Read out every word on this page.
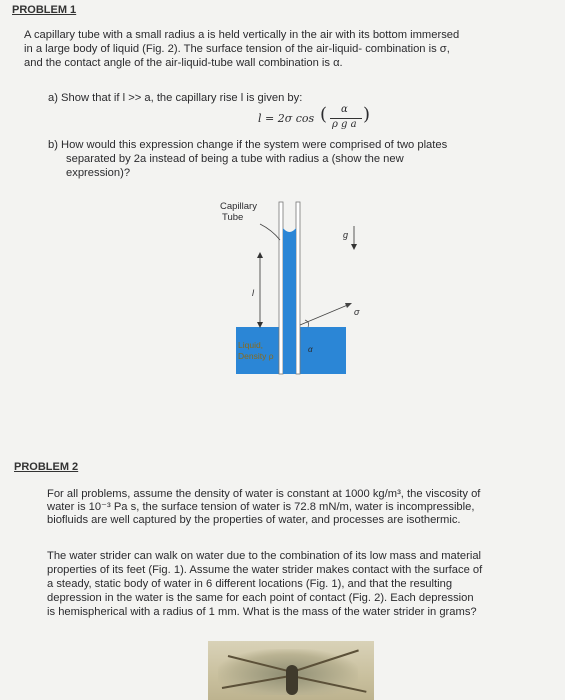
PROBLEM 1
A capillary tube with a small radius a is held vertically in the air with its bottom immersed
in a large body of liquid (Fig. 2). The surface tension of the air-liquid- combination is σ,
and the contact angle of the air-liquid-tube wall combination is α.
a) Show that if l >> a, the capillary rise l is given by:
l = 2σ cos ( α
ρ g a )
b) How would this expression change if the system were comprised of two plates
separated by 2a instead of being a tube with radius a (show the new
expression)?
Capillary
Tube
g
l
σ
α
Liquid,
Density ρ
PROBLEM 2
For all problems, assume the density of water is constant at 1000 kg/m³, the viscosity of
water is 10⁻³ Pa s, the surface tension of water is 72.8 mN/m, water is incompressible,
biofluids are well captured by the properties of water, and processes are isothermic.
The water strider can walk on water due to the combination of its low mass and material
properties of its feet (Fig. 1). Assume the water strider makes contact with the surface of
a steady, static body of water in 6 different locations (Fig. 1), and that the resulting
depression in the water is the same for each point of contact (Fig. 2). Each depression
is hemispherical with a radius of 1 mm. What is the mass of the water strider in grams?
